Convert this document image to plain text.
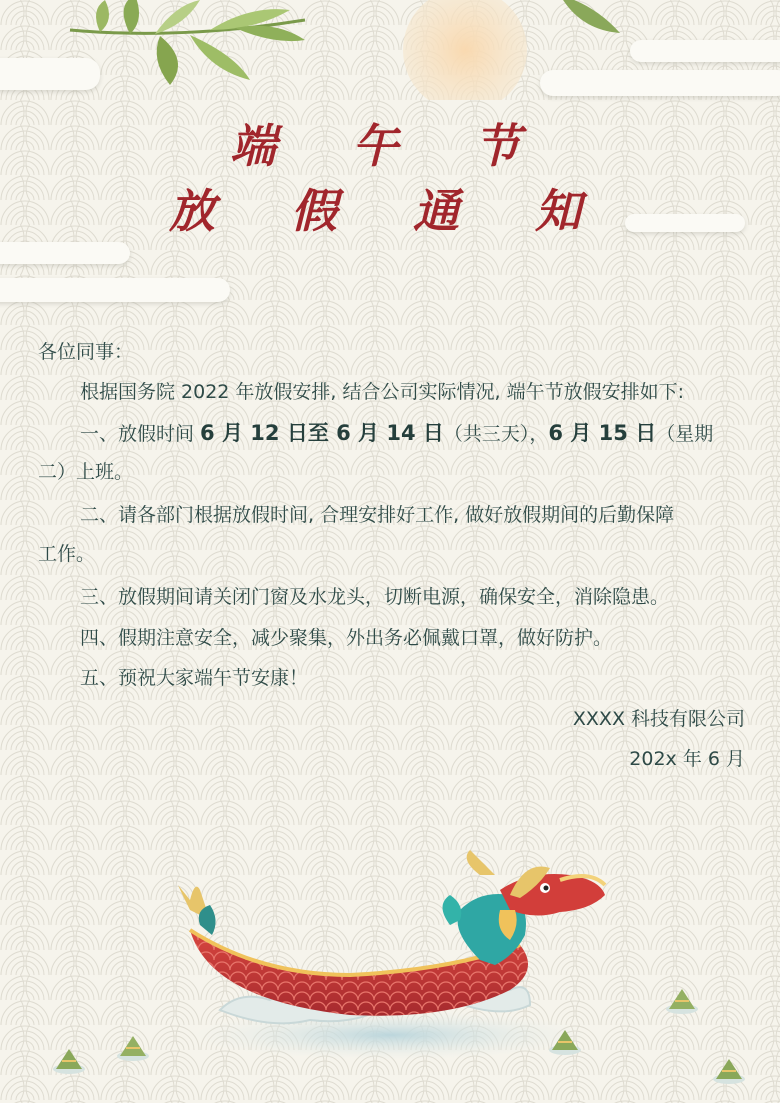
端 午 节
放 假 通 知
各位同事：
根据国务院 2022 年放假安排, 结合公司实际情况, 端午节放假安排如下:
一、放假时间 6 月 12 日至 6 月 14 日（共三天），6 月 15 日（星期
二）上班。
二、请各部门根据放假时间, 合理安排好工作, 做好放假期间的后勤保障
工作。
三、放假期间请关闭门窗及水龙头，切断电源，确保安全，消除隐患。
四、假期注意安全，减少聚集，外出务必佩戴口罩，做好防护。
五、预祝大家端午节安康！
XXXX 科技有限公司
202x 年 6 月
